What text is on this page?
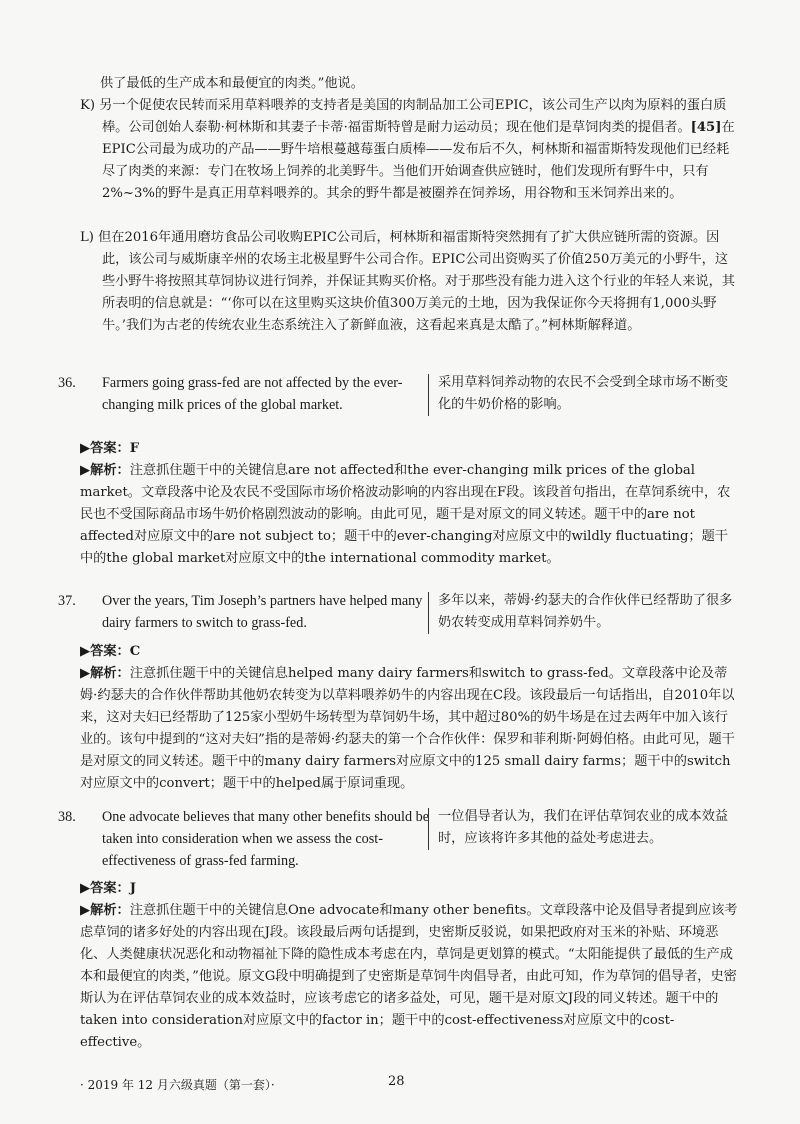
供了最低的生产成本和最便宜的肉类。”他说。

K) 另一个促使农民转而采用草料喂养的支持者是美国的肉制品加工公司EPIC，该公司生产以肉为原料的蛋白质棒。公司创始人泰勒·柯林斯和其妻子卡蒂·福雷斯特曾是耐力运动员；现在他们是草饲肉类的提倡者。[45]在EPIC公司最为成功的产品——野牛培根蔓越莓蛋白质棒——发布后不久，柯林斯和福雷斯特发现他们已经耗尽了肉类的来源：专门在牧场上饲养的北美野牛。当他们开始调查供应链时，他们发现所有野牛中，只有2%~3%的野牛是真正用草料喂养的。其余的野牛都是被圈养在饲养场，用谷物和玉米饲养出来的。

L) 但在2016年通用磨坊食品公司收购EPIC公司后，柯林斯和福雷斯特突然拥有了扩大供应链所需的资源。因此，该公司与威斯康辛州的农场主北极星野牛公司合作。EPIC公司出资购买了价值250万美元的小野牛，这些小野牛将按照其草饲协议进行饲养，并保证其购买价格。对于那些没有能力进入这个行业的年轻人来说，其所表明的信息就是：“‘你可以在这里购买这块价值300万美元的土地，因为我保证你今天将拥有1,000头野牛。’我们为古老的传统农业生态系统注入了新鲜血液，这看起来真是太酷了。”柯林斯解释道。

36. Farmers going grass-fed are not affected by the ever-changing milk prices of the global market.

采用草料饲养动物的农民不会受到全球市场不断变化的牛奶价格的影响。

▶答案：F

▶解析：注意抓住题干中的关键信息are not affected和the ever-changing milk prices of the global market。文章段落中论及农民不受国际市场价格波动影响的内容出现在F段。该段首句指出，在草饲系统中，农民也不受国际商品市场牛奶价格剧烈波动的影响。由此可见，题干是对原文的同义转述。题干中的are not affected对应原文中的are not subject to；题干中的ever-changing对应原文中的wildly fluctuating；题干中的the global market对应原文中的the international commodity market。

37. Over the years, Tim Joseph’s partners have helped many dairy farmers to switch to grass-fed.

多年以来，蒂姆·约瑟夫的合作伙伴已经帮助了很多奶农转变成用草料饲养奶牛。

▶答案：C

▶解析：注意抓住题干中的关键信息helped many dairy farmers和switch to grass-fed。文章段落中论及蒂姆·约瑟夫的合作伙伴帮助其他奶农转变为以草料喂养奶牛的内容出现在C段。该段最后一句话指出，自2010年以来，这对夫妇已经帮助了125家小型奶牛场转型为草饲奶牛场，其中超过80%的奶牛场是在过去两年中加入该行业的。该句中提到的“这对夫妇”指的是蒂姆·约瑟夫的第一个合作伙伴：保罗和菲利斯·阿姆伯格。由此可见，题干是对原文的同义转述。题干中的many dairy farmers对应原文中的125 small dairy farms；题干中的switch对应原文中的convert；题干中的helped属于原词重现。

38. One advocate believes that many other benefits should be taken into consideration when we assess the cost-effectiveness of grass-fed farming.

一位倡导者认为，我们在评估草饲农业的成本效益时，应该将许多其他的益处考虑进去。

▶答案：J

▶解析：注意抓住题干中的关键信息One advocate和many other benefits。文章段落中论及倡导者提到应该考虑草饲的诸多好处的内容出现在J段。该段最后两句话提到，史密斯反驳说，如果把政府对玉米的补贴、环境恶化、人类健康状况恶化和动物福祉下降的隐性成本考虑在内，草饲是更划算的模式。“太阳能提供了最低的生产成本和最便宜的肉类，”他说。原文G段中明确提到了史密斯是草饲牛肉倡导者，由此可知，作为草饲的倡导者，史密斯认为在评估草饲农业的成本效益时，应该考虑它的诸多益处，可见，题干是对原文J段的同义转述。题干中的taken into consideration对应原文中的factor in；题干中的cost-effectiveness对应原文中的cost-effective。

· 2019 年 12 月六级真题（第一套）·	28
